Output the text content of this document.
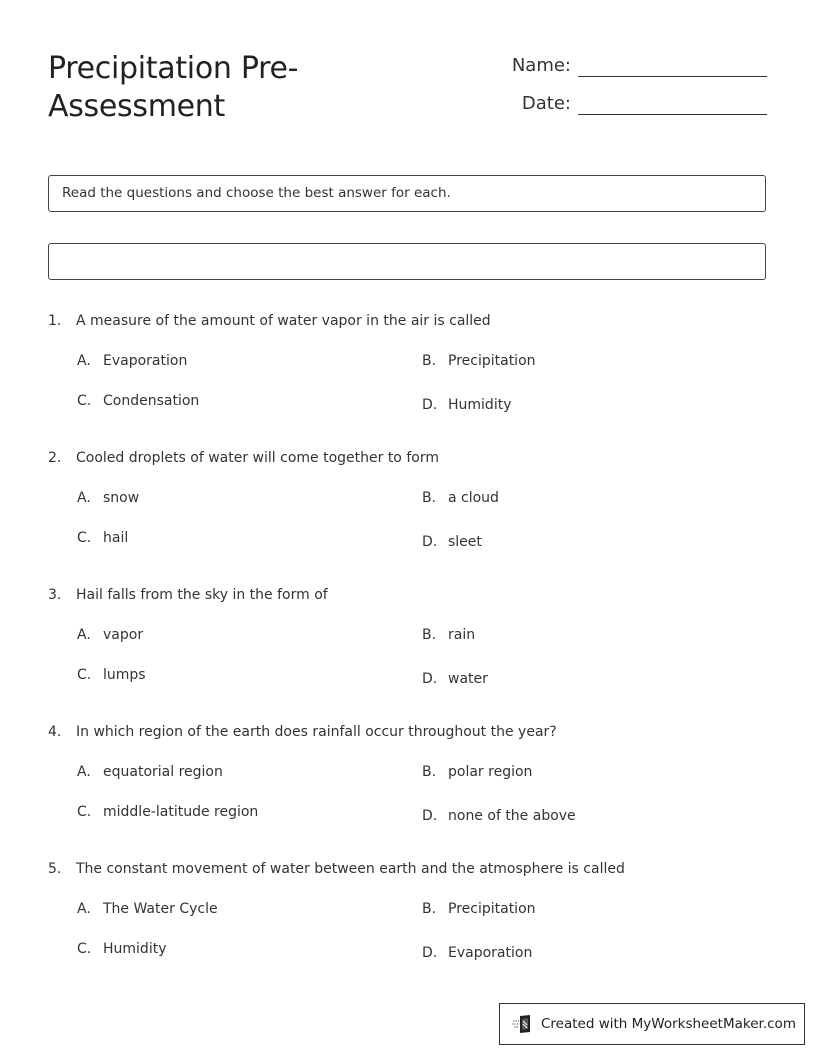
Precipitation Pre-Assessment
Name:
Date:
Read the questions and choose the best answer for each.
1.	A measure of the amount of water vapor in the air is called
A. Evaporation	B. Precipitation
C. Condensation	D. Humidity
2.	Cooled droplets of water will come together to form
A. snow	B. a cloud
C. hail	D. sleet
3.	Hail falls from the sky in the form of
A. vapor	B. rain
C. lumps	D. water
4.	In which region of the earth does rainfall occur throughout the year?
A. equatorial region	B. polar region
C. middle-latitude region	D. none of the above
5.	The constant movement of water between earth and the atmosphere is called
A. The Water Cycle	B. Precipitation
C. Humidity	D. Evaporation
Created with MyWorksheetMaker.com
